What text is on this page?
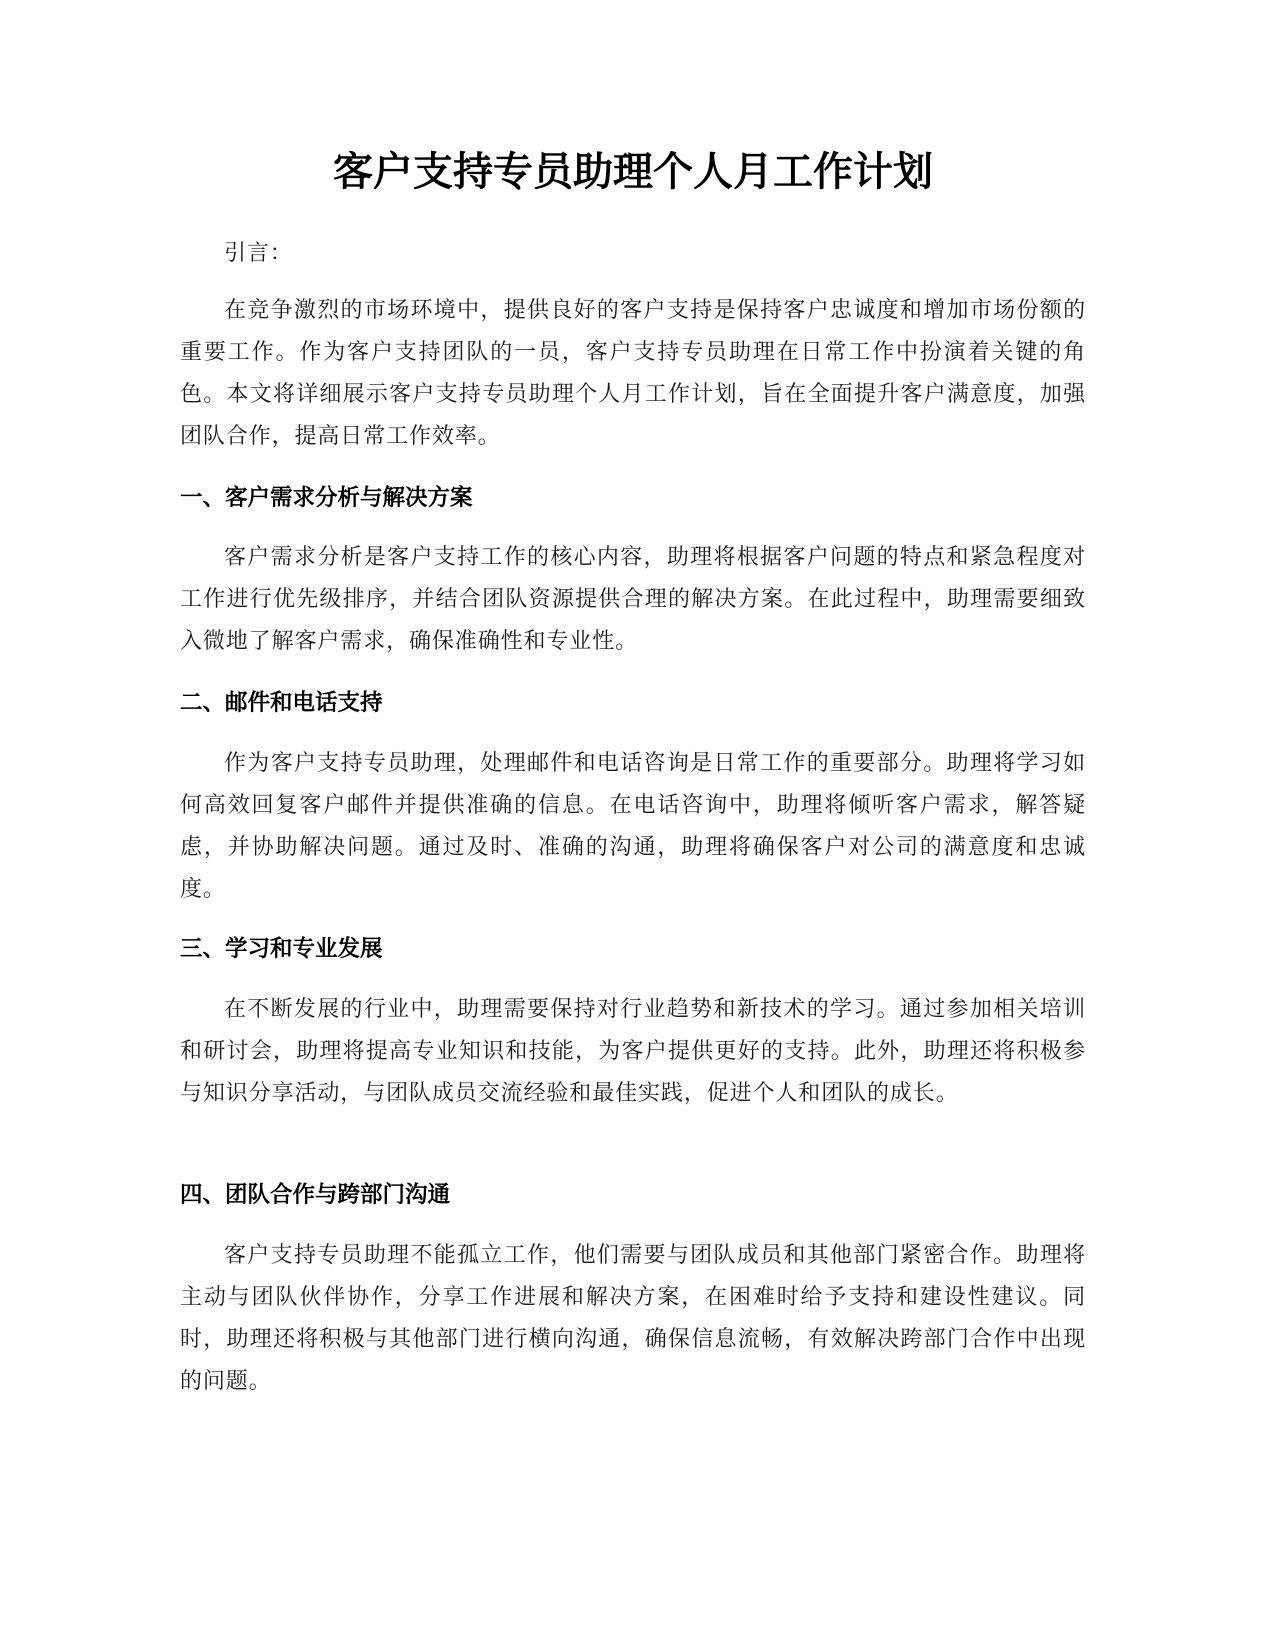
客户支持专员助理个人月工作计划

引言：

在竞争激烈的市场环境中，提供良好的客户支持是保持客户忠诚度和增加市场份额的重要工作。作为客户支持团队的一员，客户支持专员助理在日常工作中扮演着关键的角色。本文将详细展示客户支持专员助理个人月工作计划，旨在全面提升客户满意度，加强团队合作，提高日常工作效率。

一、客户需求分析与解决方案

客户需求分析是客户支持工作的核心内容，助理将根据客户问题的特点和紧急程度对工作进行优先级排序，并结合团队资源提供合理的解决方案。在此过程中，助理需要细致入微地了解客户需求，确保准确性和专业性。

二、邮件和电话支持

作为客户支持专员助理，处理邮件和电话咨询是日常工作的重要部分。助理将学习如何高效回复客户邮件并提供准确的信息。在电话咨询中，助理将倾听客户需求，解答疑虑，并协助解决问题。通过及时、准确的沟通，助理将确保客户对公司的满意度和忠诚度。

三、学习和专业发展

在不断发展的行业中，助理需要保持对行业趋势和新技术的学习。通过参加相关培训和研讨会，助理将提高专业知识和技能，为客户提供更好的支持。此外，助理还将积极参与知识分享活动，与团队成员交流经验和最佳实践，促进个人和团队的成长。

四、团队合作与跨部门沟通

客户支持专员助理不能孤立工作，他们需要与团队成员和其他部门紧密合作。助理将主动与团队伙伴协作，分享工作进展和解决方案，在困难时给予支持和建设性建议。同时，助理还将积极与其他部门进行横向沟通，确保信息流畅，有效解决跨部门合作中出现的问题。
